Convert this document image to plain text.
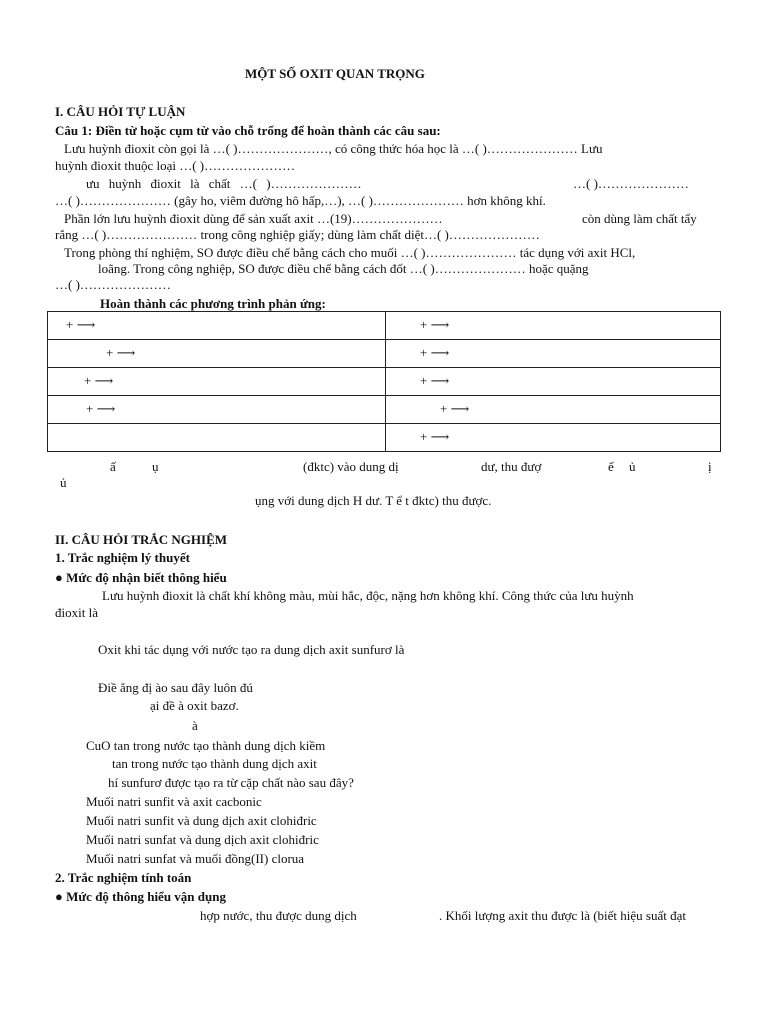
MỘT SỐ OXIT QUAN TRỌNG
I. CÂU HỎI TỰ LUẬN
Câu 1: Điền từ hoặc cụm từ vào chỗ trống để hoàn thành các câu sau:
Lưu huỳnh đioxit còn gọi là …( )…………………, có công thức hóa học là …( )………………… Lưu
huỳnh đioxit thuộc loại …( )…………………
ưu huỳnh đioxit là chất …( )…………………	…( )…………………
…( )………………… (gây ho, viêm đường hô hấp,…), …( )………………… hơn không khí.
Phần lớn lưu huỳnh đioxit dùng để sản xuất axit …(19)…………………	còn dùng làm chất tẩy
rắng …( )………………… trong công nghiệp giấy; dùng làm chất diệt…( )…………………
Trong phòng thí nghiệm, SO được điều chế bằng cách cho muối …( )………………… tác dụng với axit HCl,
loãng. Trong công nghiệp, SO được điều chế bằng cách đốt …( )………………… hoặc quặng
…( )…………………
Hoàn thành các phương trình phản ứng:
+ ⟶	+ ⟶

+ ⟶	+ ⟶

+ ⟶	+ ⟶

+ ⟶	+ ⟶

	+ ⟶
ấ	ụ	(đktc) vào dung dị	dư, thu đượ	ế ủ	ị
ủ
ụng với dung dịch H dư. T ể t đktc) thu được.
II. CÂU HỎI TRẮC NGHIỆM
1. Trắc nghiệm lý thuyết
● Mức độ nhận biết thông hiểu
Lưu huỳnh đioxit là chất khí không màu, mùi hắc, độc, nặng hơn không khí. Công thức của lưu huỳnh
đioxit là
Oxit khi tác dụng với nước tạo ra dung dịch axit sunfurơ là
Điề ẳng đị ào sau đây luôn đú
ại đề à oxit bazơ.
à
CuO tan trong nước tạo thành dung dịch kiềm
tan trong nước tạo thành dung dịch axit
hí sunfurơ được tạo ra từ cặp chất nào sau đây?
Muối natri sunfit và axit cacbonic
Muối natri sunfit và dung dịch axit clohiđric
Muối natri sunfat và dung dịch axit clohiđric
Muối natri sunfat và muối đồng(II) clorua
2. Trắc nghiệm tính toán
● Mức độ thông hiểu vận dụng
hợp nước, thu được dung dịch	. Khối lượng axit thu được là (biết hiệu suất đạt
